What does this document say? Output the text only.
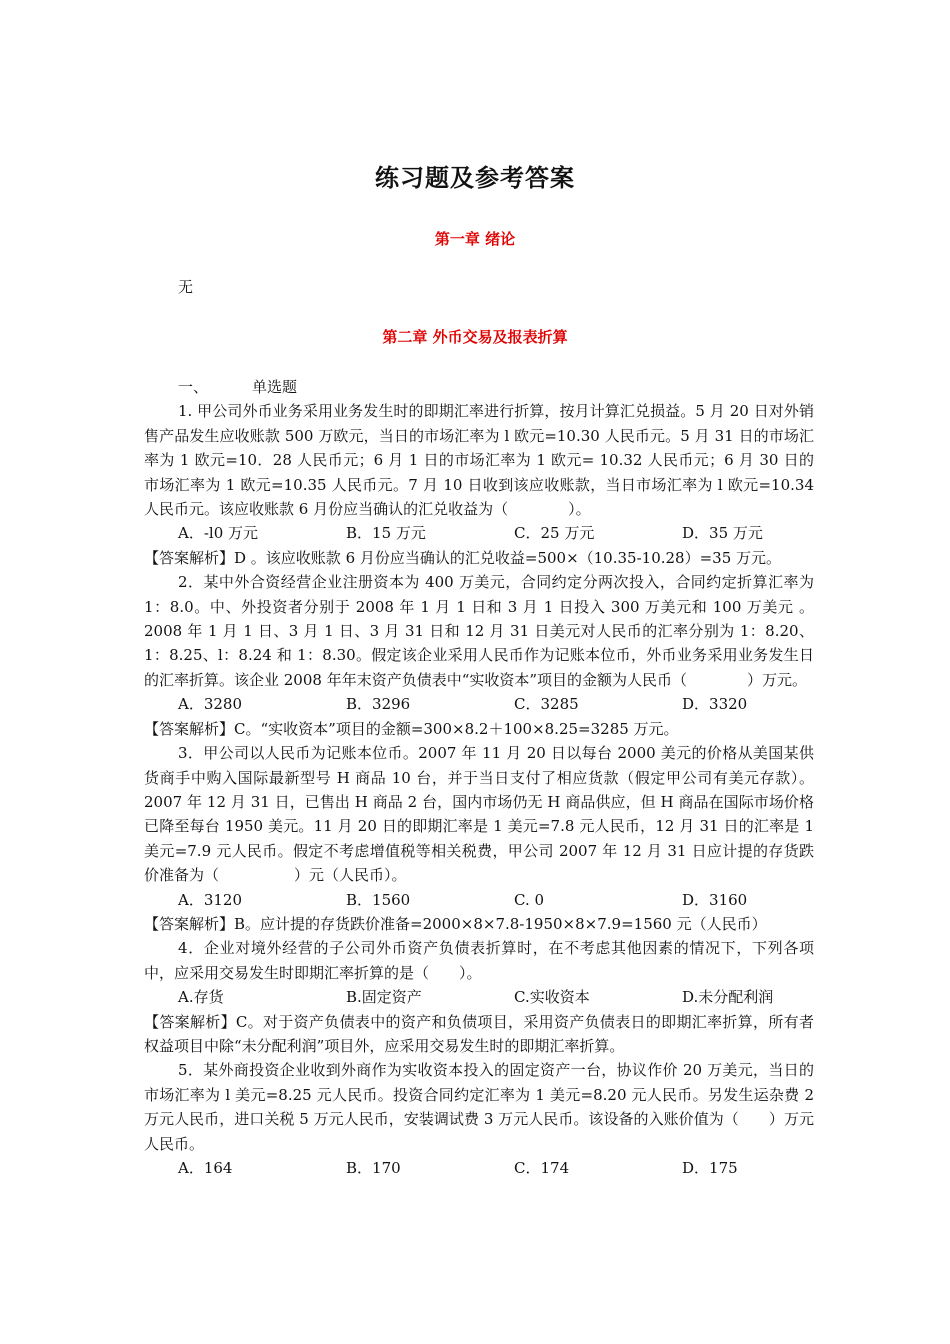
练习题及参考答案
第一章 绪论
无
第二章 外币交易及报表折算

一、	单选题

1. 甲公司外币业务采用业务发生时的即期汇率进行折算，按月计算汇兑损益。5 月 20 日对外销售产品发生应收账款 500 万欧元，当日的市场汇率为 l 欧元=10.30 人民币元。5 月 31 日的市场汇率为 1 欧元=10．28 人民币元；6 月 1 日的市场汇率为 1 欧元= 10.32 人民币元；6 月 30 日的市场汇率为 1 欧元=10.35 人民币元。7 月 10 日收到该应收账款，当日市场汇率为 l 欧元=10.34 人民币元。该应收账款 6 月份应当确认的汇兑收益为（　　　　）。

A．-l0 万元	B．15 万元	C．25 万元	D．35 万元

【答案解析】D 。该应收账款 6 月份应当确认的汇兑收益=500×（10.35-10.28）=35 万元。

2．某中外合资经营企业注册资本为 400 万美元，合同约定分两次投入，合同约定折算汇率为 1：8.0。中、外投资者分别于 2008 年 1 月 1 日和 3 月 1 日投入 300 万美元和 100 万美元 。2008 年 1 月 1 日、3 月 1 日、3 月 31 日和 12 月 31 日美元对人民币的汇率分别为 1：8.20、1：8.25、l：8.24 和 1：8.30。假定该企业采用人民币作为记账本位币，外币业务采用业务发生日的汇率折算。该企业 2008 年年末资产负债表中“实收资本”项目的金额为人民币（　　　　）万元。

A．3280	B．3296	C．3285	D．3320

【答案解析】C。“实收资本”项目的金额=300×8.2＋100×8.25=3285 万元。

3．甲公司以人民币为记账本位币。2007 年 11 月 20 日以每台 2000 美元的价格从美国某供货商手中购入国际最新型号 H 商品 10 台，并于当日支付了相应货款（假定甲公司有美元存款）。2007 年 12 月 31 日，已售出 H 商品 2 台，国内市场仍无 H 商品供应，但 H 商品在国际市场价格已降至每台 1950 美元。11 月 20 日的即期汇率是 1 美元=7.8 元人民币，12 月 31 日的汇率是 1 美元=7.9 元人民币。假定不考虑增值税等相关税费，甲公司 2007 年 12 月 31 日应计提的存货跌价准备为（　　　　　）元（人民币）。

A．3120	B．1560	C. 0	D．3160

【答案解析】B。应计提的存货跌价准备=2000×8×7.8-1950×8×7.9=1560 元（人民币）

4．企业对境外经营的子公司外币资产负债表折算时，在不考虑其他因素的情况下，下列各项中，应采用交易发生时即期汇率折算的是（　　）。

A.存货	B.固定资产	C.实收资本	D.未分配利润

【答案解析】C。对于资产负债表中的资产和负债项目，采用资产负债表日的即期汇率折算，所有者权益项目中除“未分配利润”项目外，应采用交易发生时的即期汇率折算。

5．某外商投资企业收到外商作为实收资本投入的固定资产一台，协议作价 20 万美元，当日的市场汇率为 l 美元=8.25 元人民币。投资合同约定汇率为 1 美元=8.20 元人民币。另发生运杂费 2 万元人民币，进口关税 5 万元人民币，安装调试费 3 万元人民币。该设备的入账价值为（　　）万元人民币。

A．164	B．170	C．174	D．175
